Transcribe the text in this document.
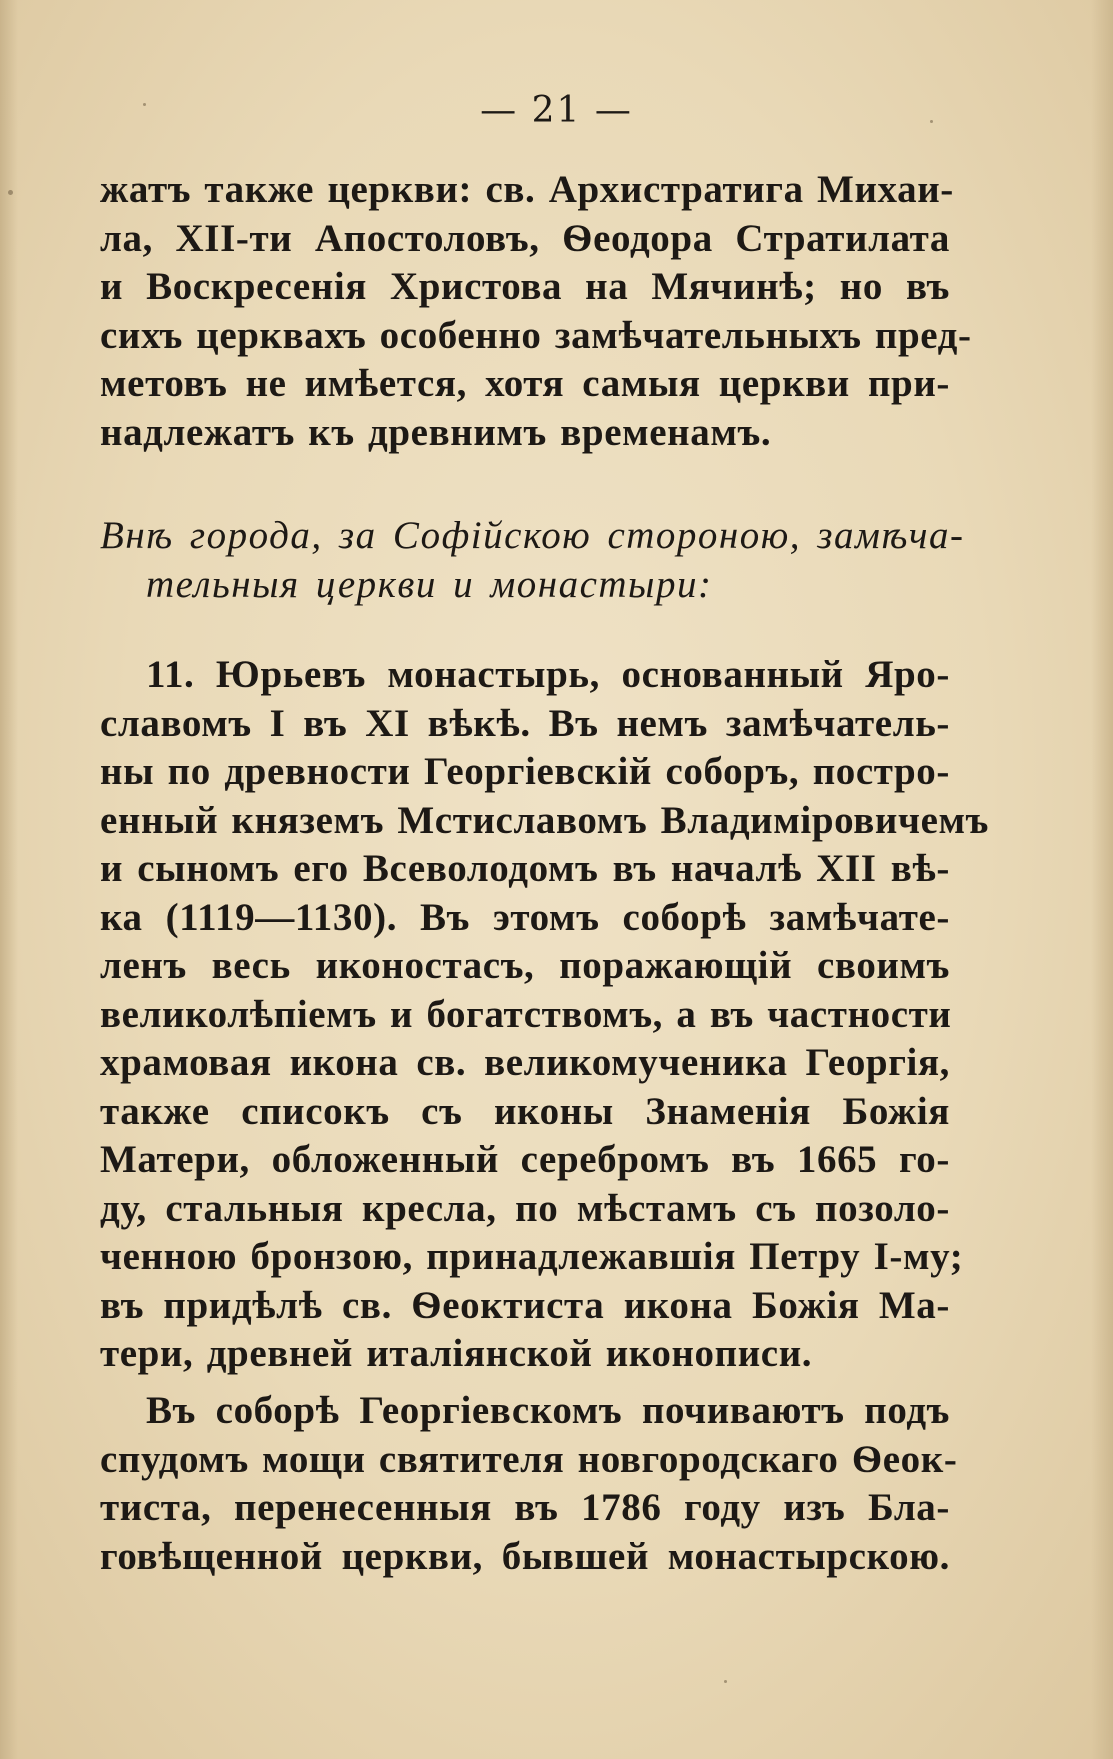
— 21 —
жатъ также церкви: св. Архистратига Михаи-
ла, XII-ти Апостоловъ, Ѳеодора Стратилата
и Воскресенія Христова на Мячинѣ; но въ
сихъ церквахъ особенно замѣчательныхъ пред-
метовъ не имѣется, хотя самыя церкви при-
надлежатъ къ древнимъ временамъ.
Внѣ города, за Софійскою стороною, замѣча-
тельныя церкви и монастыри:
11. Юрьевъ монастырь, основанный Яро-
славомъ I въ XI вѣкѣ. Въ немъ замѣчатель-
ны по древности Георгіевскій соборъ, постро-
енный княземъ Мстиславомъ Владиміровичемъ
и сыномъ его Всеволодомъ въ началѣ XII вѣ-
ка (1119—1130). Въ этомъ соборѣ замѣчате-
ленъ весь иконостасъ, поражающій своимъ
великолѣпіемъ и богатствомъ, а въ частности
храмовая икона св. великомученика Георгія,
также списокъ съ иконы Знаменія Божія
Матери, обложенный серебромъ въ 1665 го-
ду, стальныя кресла, по мѣстамъ съ позоло-
ченною бронзою, принадлежавшія Петру I-му;
въ придѣлѣ св. Ѳеоктиста икона Божія Ма-
тери, древней италіянской иконописи.
Въ соборѣ Георгіевскомъ почиваютъ подъ
спудомъ мощи святителя новгородскаго Ѳеок-
тиста, перенесенныя въ 1786 году изъ Бла-
говѣщенной церкви, бывшей монастырскою.
